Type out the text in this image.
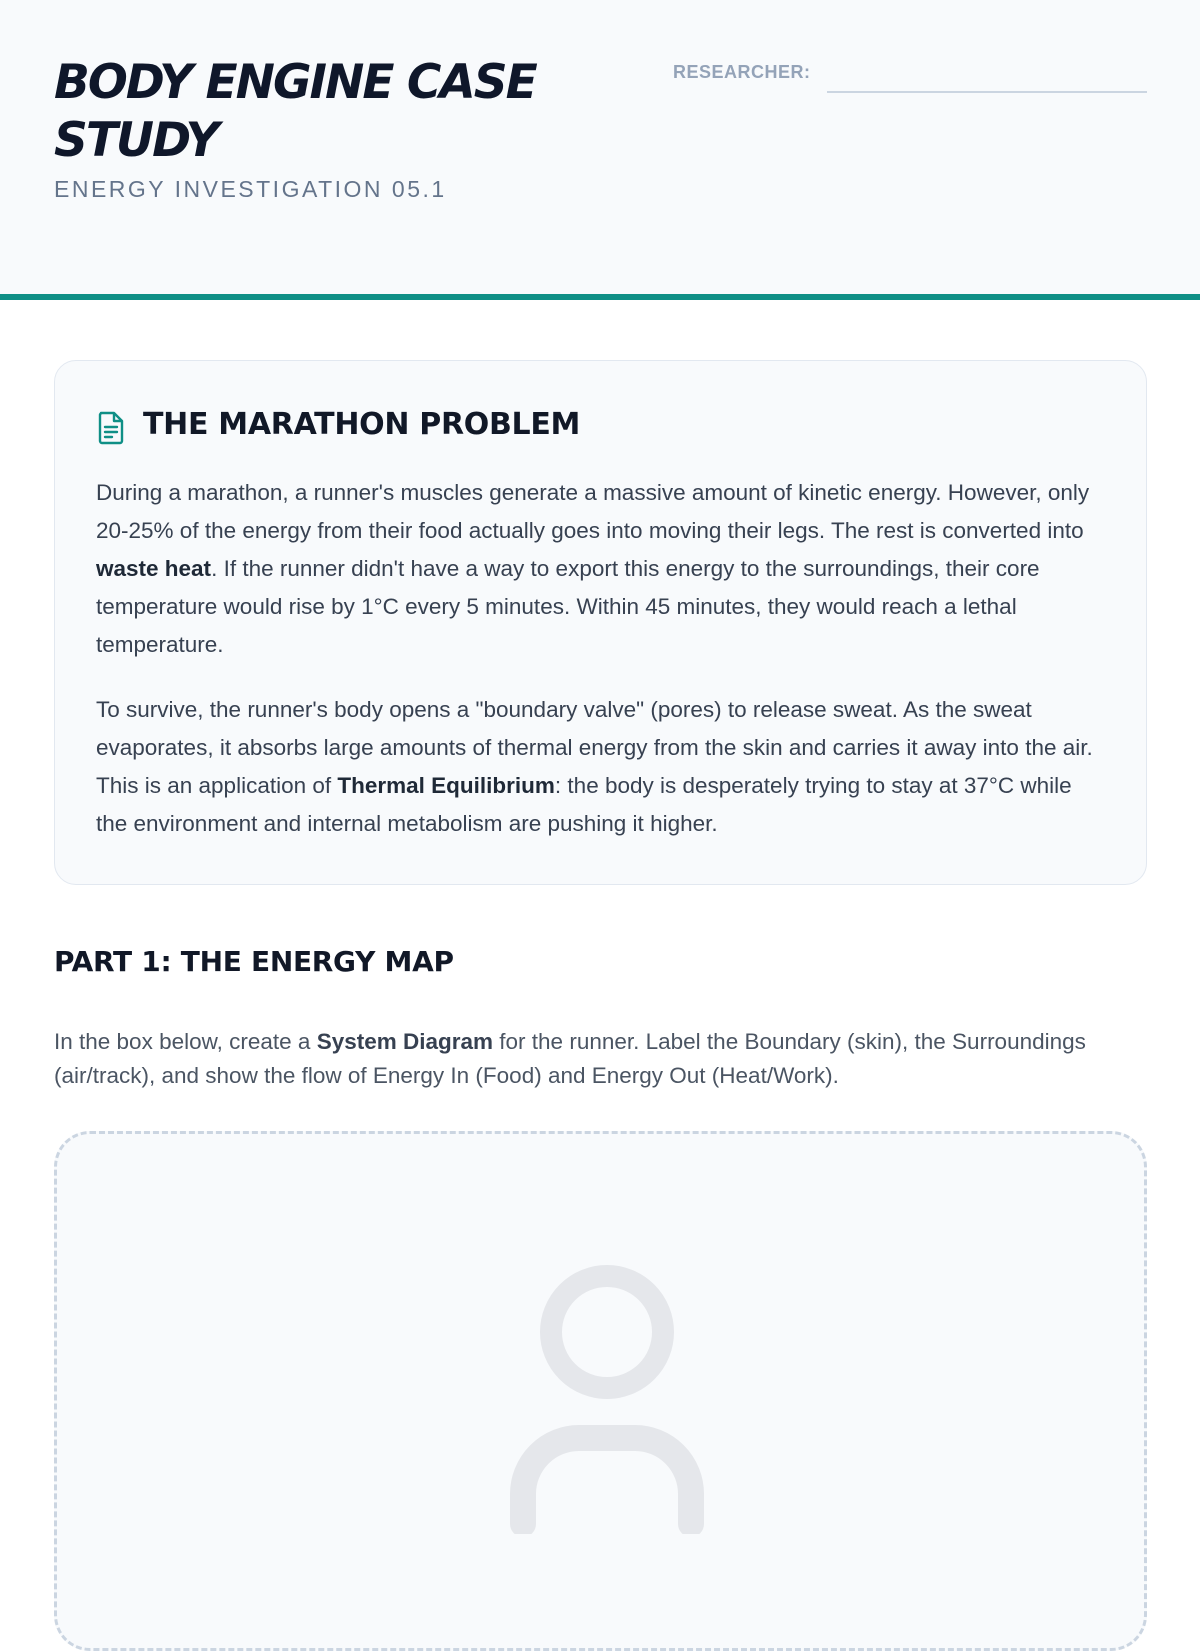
BODY ENGINE CASE STUDY
ENERGY INVESTIGATION 05.1
RESEARCHER:
THE MARATHON PROBLEM

During a marathon, a runner's muscles generate a massive amount of kinetic energy. However, only 20-25% of the energy from their food actually goes into moving their legs. The rest is converted into waste heat. If the runner didn't have a way to export this energy to the surroundings, their core temperature would rise by 1°C every 5 minutes. Within 45 minutes, they would reach a lethal temperature.

To survive, the runner's body opens a "boundary valve" (pores) to release sweat. As the sweat evaporates, it absorbs large amounts of thermal energy from the skin and carries it away into the air. This is an application of Thermal Equilibrium: the body is desperately trying to stay at 37°C while the environment and internal metabolism are pushing it higher.

PART 1: THE ENERGY MAP

In the box below, create a System Diagram for the runner. Label the Boundary (skin), the Surroundings (air/track), and show the flow of Energy In (Food) and Energy Out (Heat/Work).
